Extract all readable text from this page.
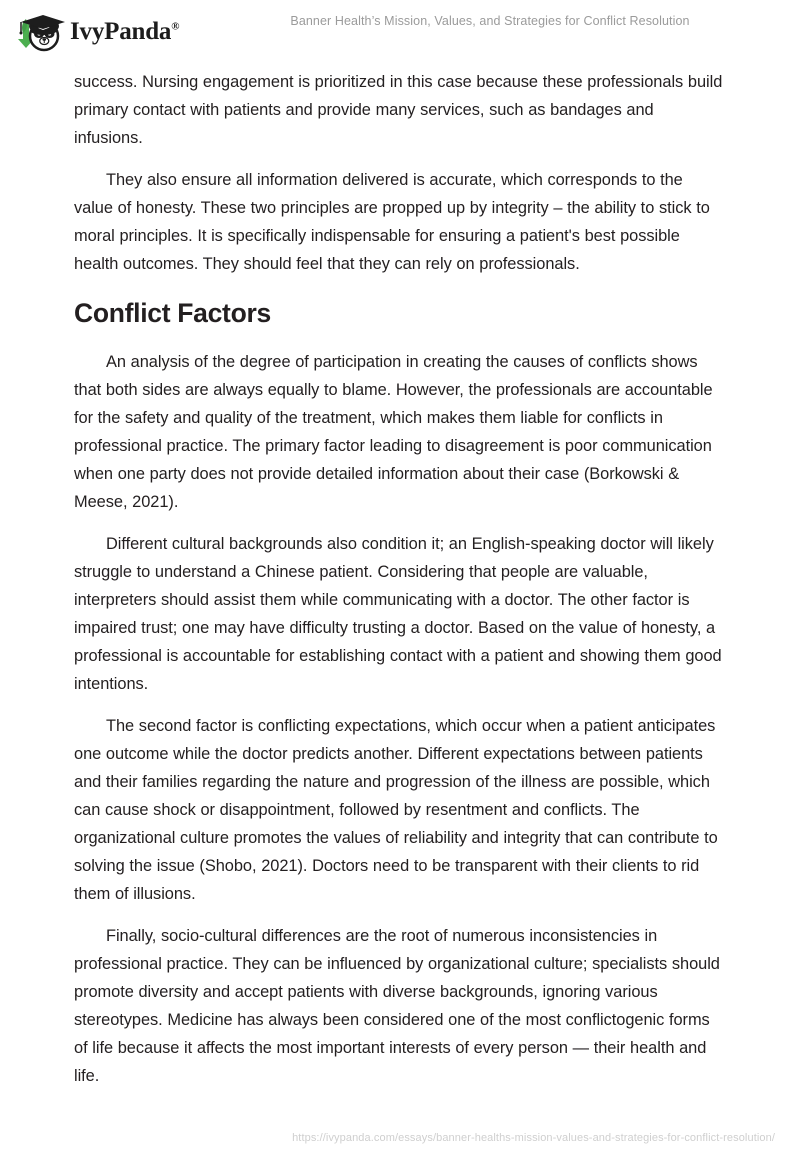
IvyPanda®	Banner Health’s Mission, Values, and Strategies for Conflict Resolution

success. Nursing engagement is prioritized in this case because these professionals build primary contact with patients and provide many services, such as bandages and infusions.

They also ensure all information delivered is accurate, which corresponds to the value of honesty. These two principles are propped up by integrity – the ability to stick to moral principles. It is specifically indispensable for ensuring a patient's best possible health outcomes. They should feel that they can rely on professionals.

Conflict Factors

An analysis of the degree of participation in creating the causes of conflicts shows that both sides are always equally to blame. However, the professionals are accountable for the safety and quality of the treatment, which makes them liable for conflicts in professional practice. The primary factor leading to disagreement is poor communication when one party does not provide detailed information about their case (Borkowski & Meese, 2021).

Different cultural backgrounds also condition it; an English-speaking doctor will likely struggle to understand a Chinese patient. Considering that people are valuable, interpreters should assist them while communicating with a doctor. The other factor is impaired trust; one may have difficulty trusting a doctor. Based on the value of honesty, a professional is accountable for establishing contact with a patient and showing them good intentions.

The second factor is conflicting expectations, which occur when a patient anticipates one outcome while the doctor predicts another. Different expectations between patients and their families regarding the nature and progression of the illness are possible, which can cause shock or disappointment, followed by resentment and conflicts. The organizational culture promotes the values of reliability and integrity that can contribute to solving the issue (Shobo, 2021). Doctors need to be transparent with their clients to rid them of illusions.

Finally, socio-cultural differences are the root of numerous inconsistencies in professional practice. They can be influenced by organizational culture; specialists should promote diversity and accept patients with diverse backgrounds, ignoring various stereotypes. Medicine has always been considered one of the most conflictogenic forms of life because it affects the most important interests of every person — their health and life.

https://ivypanda.com/essays/banner-healths-mission-values-and-strategies-for-conflict-resolution/
